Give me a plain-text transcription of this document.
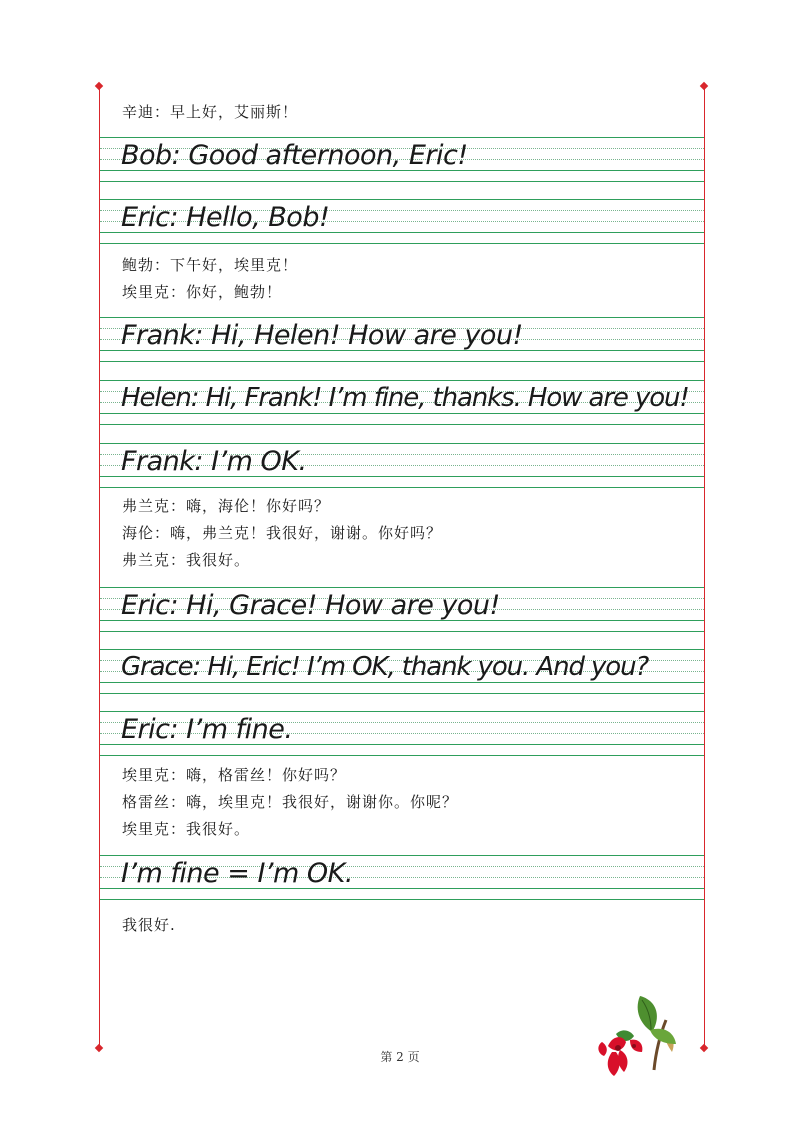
辛迪：早上好，艾丽斯！
Bob: Good afternoon, Eric!
Eric: Hello, Bob!
鲍勃：下午好，埃里克！
埃里克：你好，鲍勃！
Frank: Hi, Helen! How are you!
Helen: Hi, Frank! I’m fine, thanks. How are you!
Frank: I’m OK.
弗兰克：嗨，海伦！你好吗？
海伦：嗨，弗兰克！我很好，谢谢。你好吗？
弗兰克：我很好。
Eric: Hi, Grace! How are you!
Grace: Hi, Eric! I’m OK, thank you. And you?
Eric: I’m fine.
埃里克：嗨，格雷丝！你好吗？
格雷丝：嗨，埃里克！我很好，谢谢你。你呢？
埃里克：我很好。
I’m fine = I’m OK.
我很好.
第 2 页
